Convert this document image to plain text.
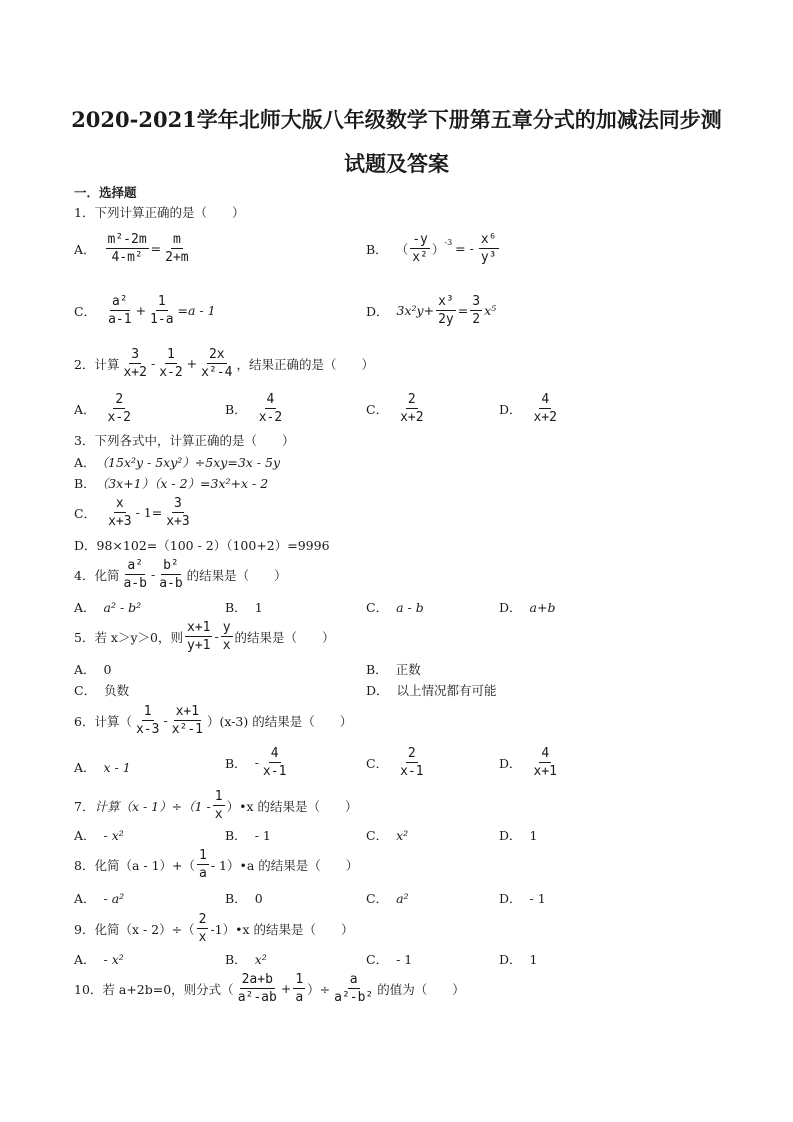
2020-2021学年北师大版八年级数学下册第五章分式的加减法同步测
试题及答案
一．选择题
1． 下列计算正确的是（　　）
A． $\frac{\text{m²-2m}}{\text{4-m²}} = \frac{m}{2+m}$	B． （ $\frac{-y}{\text{x²}} )^{-3}$ = - $\frac{\text{x⁶}}{\text{y³}}$
C． $\frac{\text{a²}}{a-1} + \frac{1}{1-a} =a - 1$	D． $3x^2y+ \frac{\text{x³}}{2y} = \frac{3}{2} x^5$
2． 计算 $\frac{3}{x+2} - \frac{1}{x-2} + \frac{2x}{\text{x²-4}}$ ，结果正确的是（　　）
A． $\frac{2}{x-2}$	B． $\frac{4}{x-2}$	C． $\frac{2}{x+2}$	D． $\frac{4}{x+2}$
3． 下列各式中，计算正确的是（　　）
A． （15x²y - 5xy²）÷5xy=3x - 5y
B． （3x+1）（x - 2）=3x²+x - 2
C． $\frac{x}{x+3} - 1= \frac{3}{x+3}$
D． 98×102=（100 - 2）（100+2）=9996
4． 化简 $\frac{\text{a²}}{a-b} - \frac{\text{b²}}{a-b}$ 的结果是（　　）
A． a² - b²	B． 1	C． a - b	D． a+b
5． 若 x＞y＞0，则 $\frac{x+1}{y+1} - \frac{y}{x}$ 的结果是（　　）
A． 0	B． 正数
C． 负数	D． 以上情况都有可能
6． 计算（ $\frac{1}{x-3} - \frac{x+1}{\text{x²-1}} )(x-3)$ 的结果是（　　）
A． x - 1	B． - $\frac{4}{x-1}$	C． $\frac{2}{x-1}$	D． $\frac{4}{x+1}$
7． 计算$(x - 1)\div(1 - \frac{1}{x}$ ）•x 的结果是（　　）
A． - x²	B． - 1	C． x²	D． 1
8． 化简$(a - 1)+( \frac{1}{a}$ - 1）•a 的结果是（　　）
A． - a²	B． 0	C． a²	D． - 1
9． 化简$(x - 2)\div( \frac{2}{x}$ -1）•x 的结果是（　　）
A． - x²	B． x²	C． - 1	D． 1
10． 若 a+2b=0，则分式（ $\frac{2a+b}{\text{a²-ab}} + \frac{1}{a}$ ）÷ $\frac{a}{\text{a²-b²}}$ 的值为（　　）
